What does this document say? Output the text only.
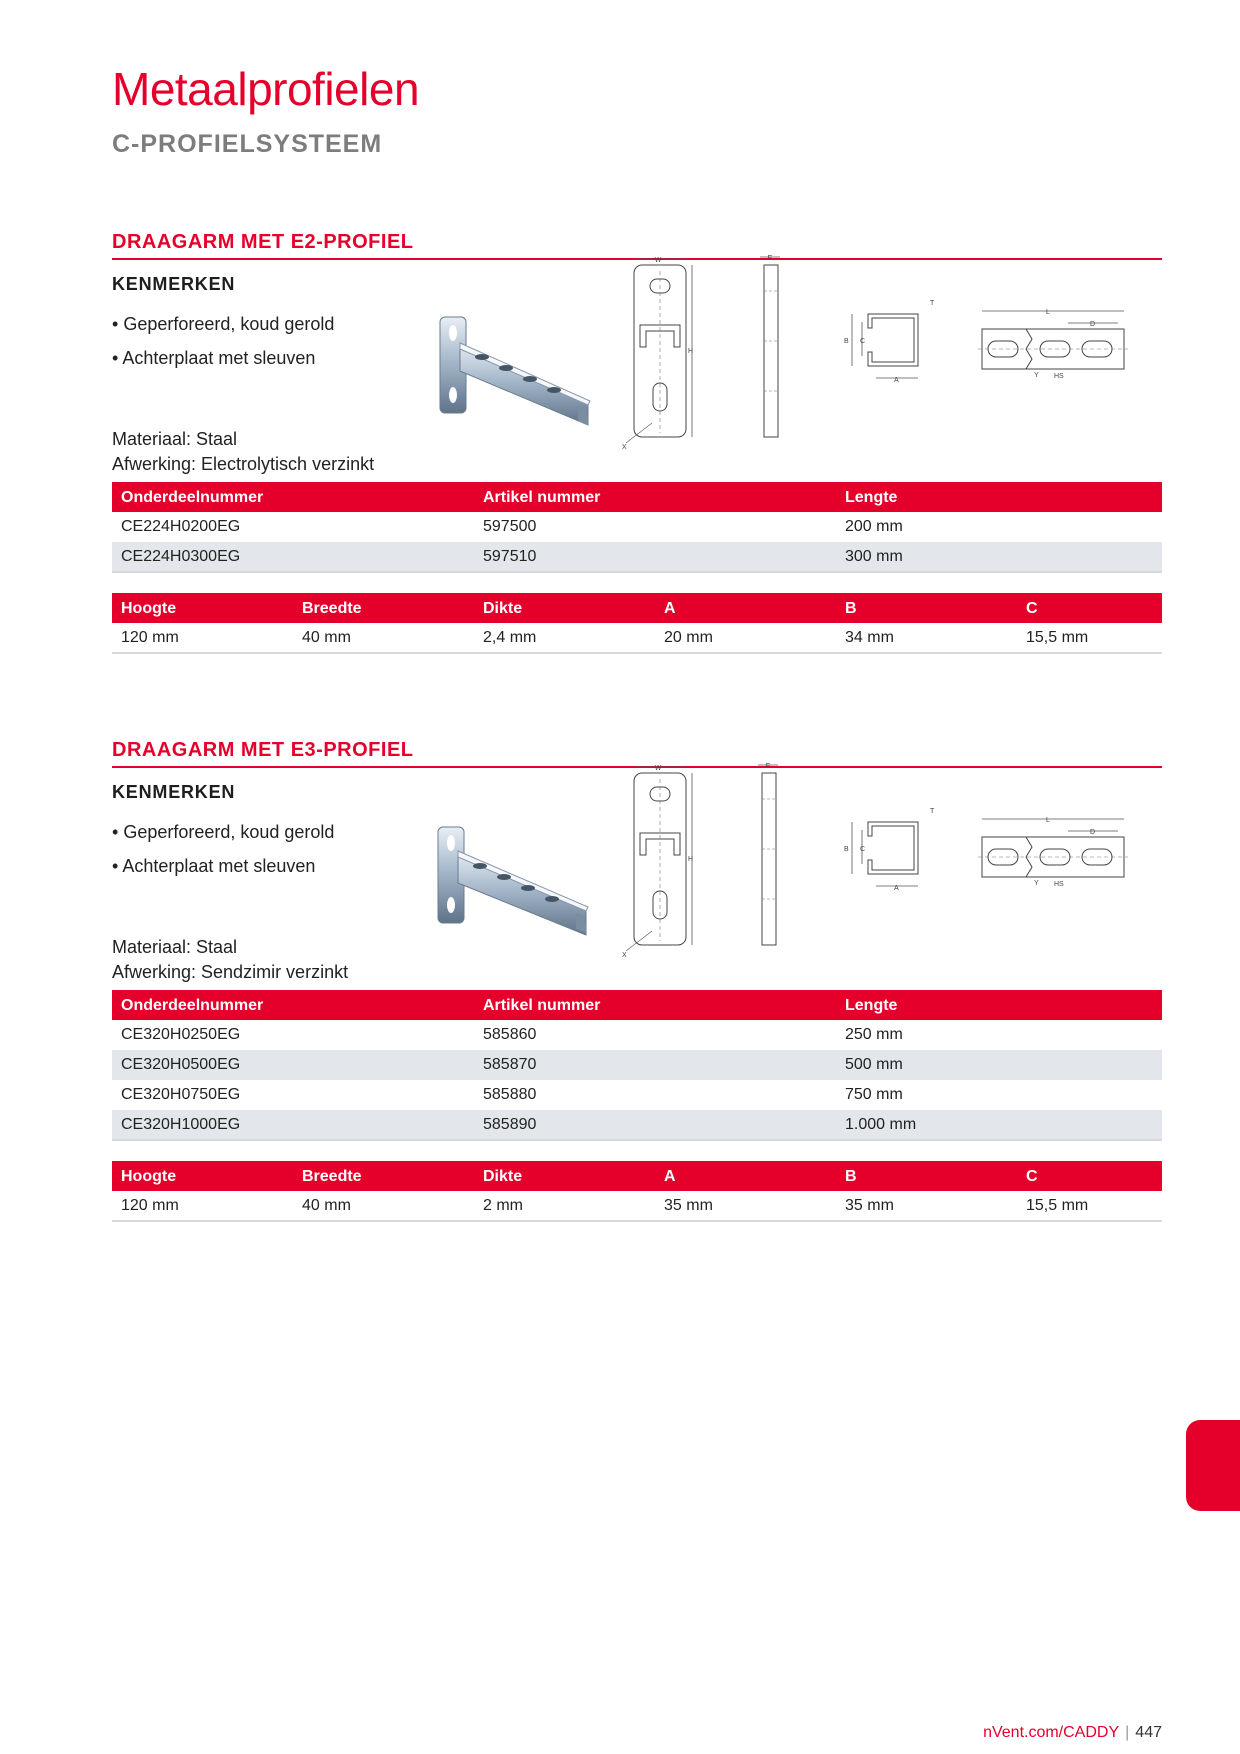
Metaalprofielen
C-PROFIELSYSTEEM
DRAAGARM MET E2-PROFIEL
KENMERKEN
• Geperforeerd, koud gerold
• Achterplaat met sleuven
W
H
X
E
T
B C
A
L
D
Y HS
Materiaal: Staal
Afwerking: Electrolytisch verzinkt
Onderdeelnummer	Artikel nummer	Lengte
CE224H0200EG	597500	200 mm
CE224H0300EG	597510	300 mm
Hoogte	Breedte	Dikte	A	B	C
120 mm	40 mm	2,4 mm	20 mm	34 mm	15,5 mm
DRAAGARM MET E3-PROFIEL
KENMERKEN
• Geperforeerd, koud gerold
• Achterplaat met sleuven
W
H
X
E
T
B C
A
L
D
Y HS
Materiaal: Staal
Afwerking: Sendzimir verzinkt
Onderdeelnummer	Artikel nummer	Lengte
CE320H0250EG	585860	250 mm
CE320H0500EG	585870	500 mm
CE320H0750EG	585880	750 mm
CE320H1000EG	585890	1.000 mm
Hoogte	Breedte	Dikte	A	B	C
120 mm	40 mm	2 mm	35 mm	35 mm	15,5 mm
nVent.com/CADDY | 447
